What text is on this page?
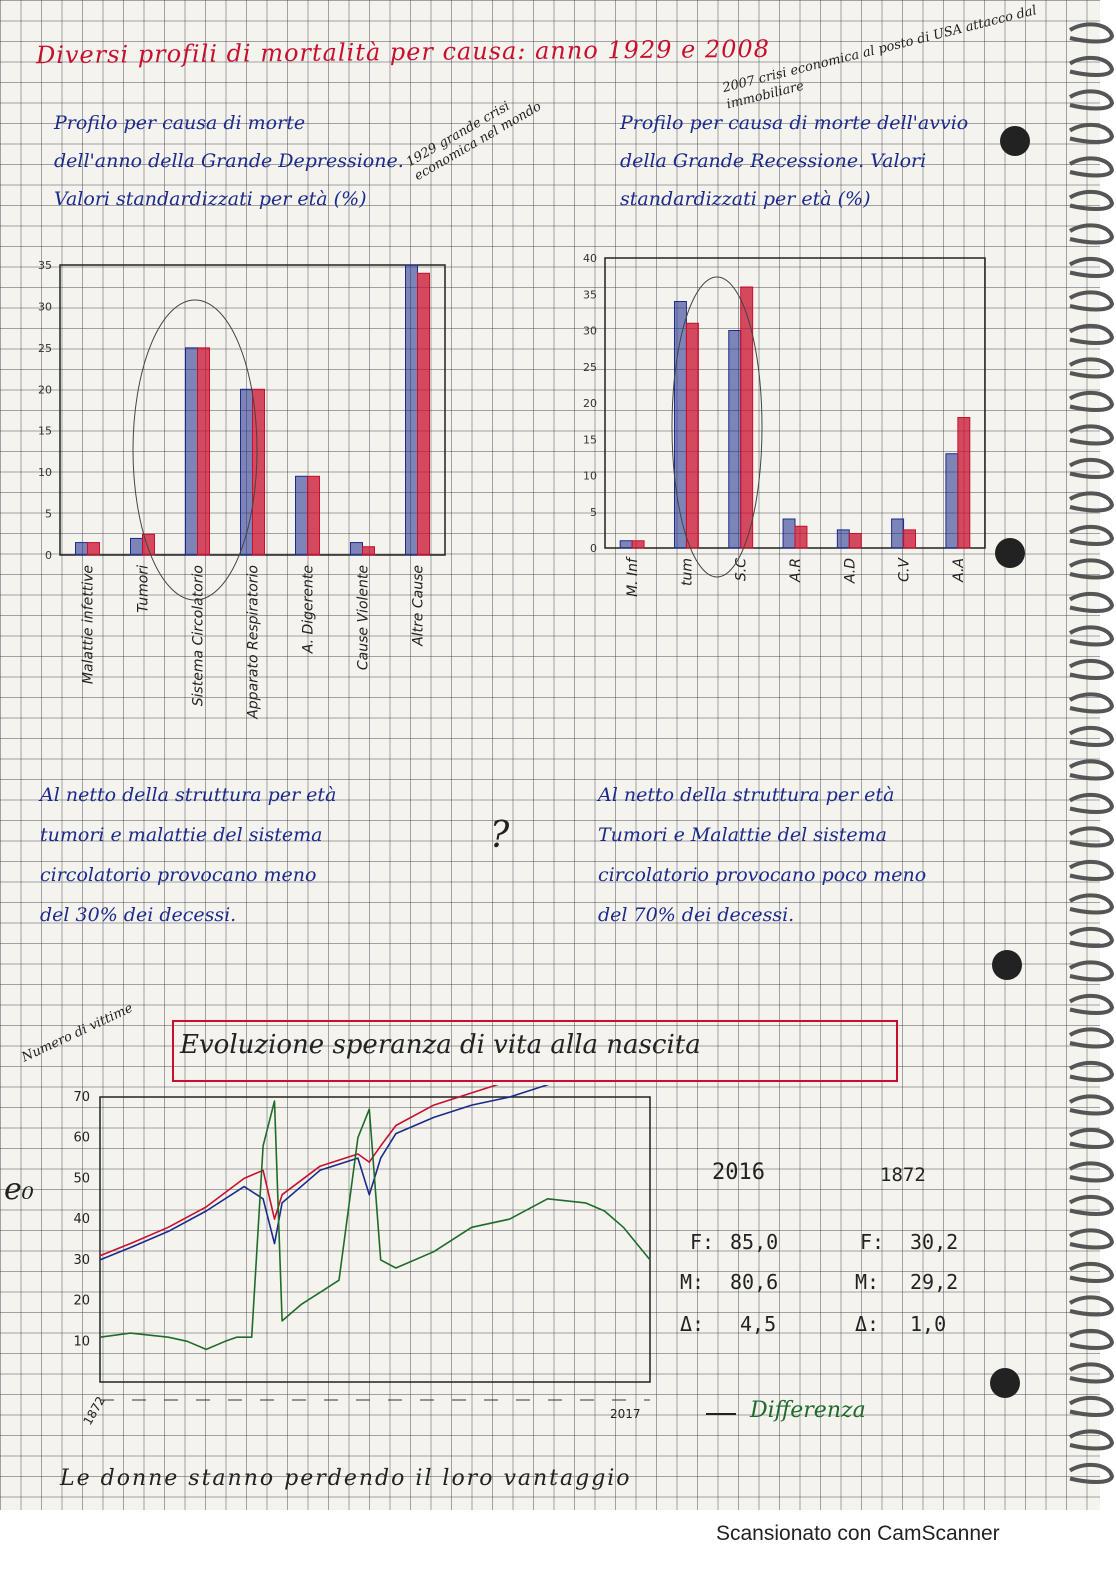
Diversi profili di mortalità per causa: anno 1929 e 2008
2007 crisi economica al posto di USA attacco dal immobiliare
Profilo per causa di morte
dell'anno della Grande Depressione.
Valori standardizzati per età (%)
1929 grande crisi economica nel mondo	Profilo per causa di morte dell'avvio
della Grande Recessione. Valori
standardizzati per età (%)
0
5
10
15
20
25
30
35
Malattie infettive	Tumori	Sistema Circolatorio	Apparato Respiratorio	A. Digerente	Cause Violente	Altre Cause
0
5
10
15
20
25
30
35
40
M. Inf	tum	S.C	A.R	A.D	C.V	A.A
Al netto della struttura per età
tumori e malattie del sistema
circolatorio provocano meno
del 30% dei decessi.
?
Al netto della struttura per età
Tumori e Malattie del sistema
circolatorio provocano poco meno
del 70% dei decessi.
Evoluzione speranza di vita alla nascita
Numero di vittime
e₀
10
20
30
40
50
60
70
1872	2017	Differenza
2016	1872
F: 85,0	F: 30,2
M: 80,6	M: 29,2
Δ: 4,5	Δ: 1,0
Le donne stanno perdendo il loro vantaggio
Scansionato con CamScanner
